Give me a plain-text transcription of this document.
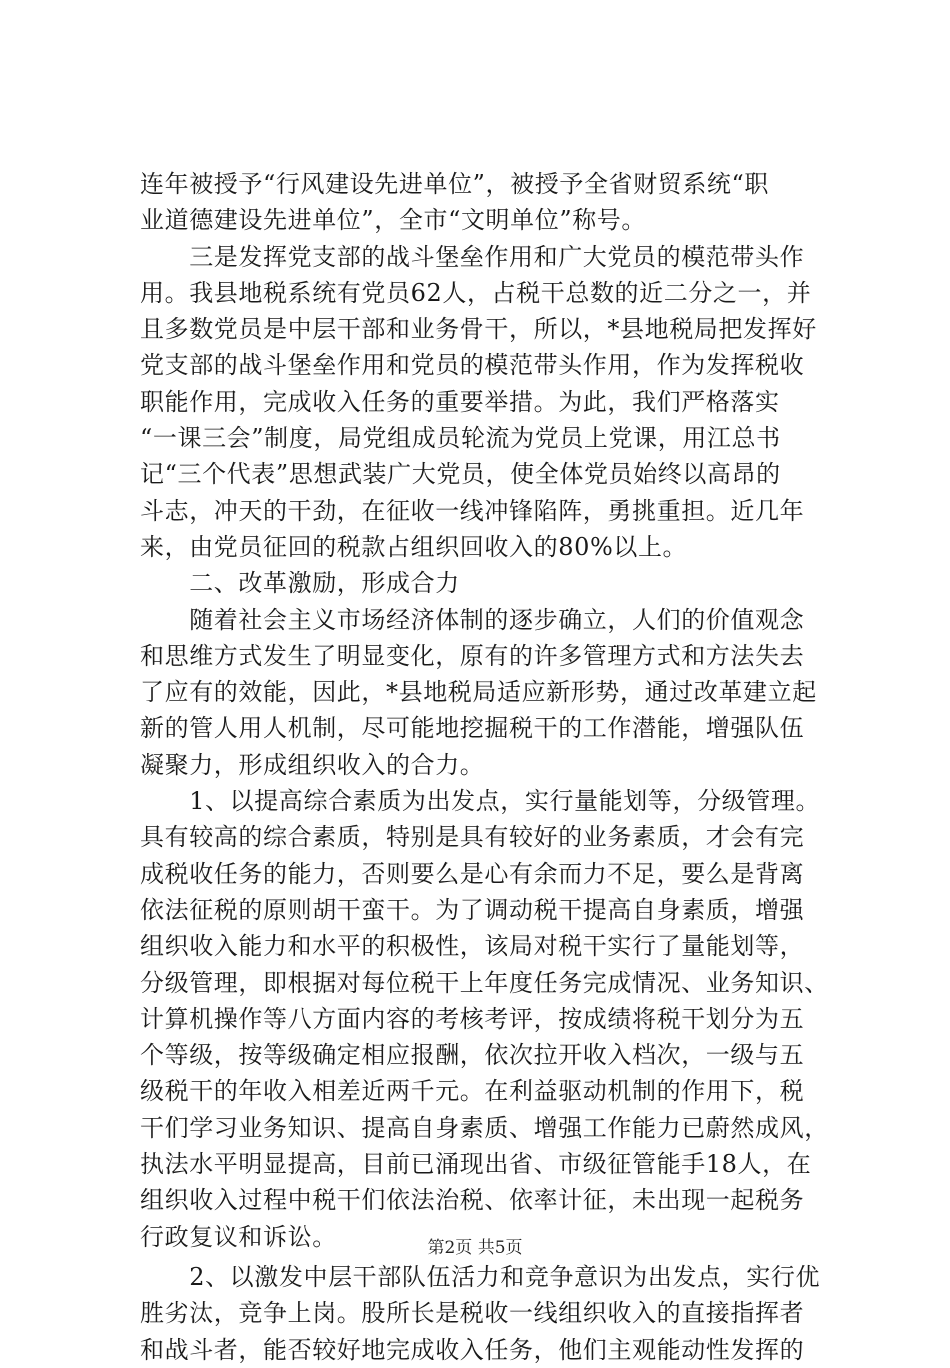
连年被授予“行风建设先进单位”，被授予全省财贸系统“职
业道德建设先进单位”，全市“文明单位”称号。
　　三是发挥党支部的战斗堡垒作用和广大党员的模范带头作
用。我县地税系统有党员62人，占税干总数的近二分之一，并
且多数党员是中层干部和业务骨干，所以，*县地税局把发挥好
党支部的战斗堡垒作用和党员的模范带头作用，作为发挥税收
职能作用，完成收入任务的重要举措。为此，我们严格落实
“一课三会”制度，局党组成员轮流为党员上党课，用江总书
记“三个代表”思想武装广大党员，使全体党员始终以高昂的
斗志，冲天的干劲，在征收一线冲锋陷阵，勇挑重担。近几年
来，由党员征回的税款占组织回收入的80%以上。
　　二、改革激励，形成合力
　　随着社会主义市场经济体制的逐步确立，人们的价值观念
和思维方式发生了明显变化，原有的许多管理方式和方法失去
了应有的效能，因此，*县地税局适应新形势，通过改革建立起
新的管人用人机制，尽可能地挖掘税干的工作潜能，增强队伍
凝聚力，形成组织收入的合力。
　　1、以提高综合素质为出发点，实行量能划等，分级管理。
具有较高的综合素质，特别是具有较好的业务素质，才会有完
成税收任务的能力，否则要么是心有余而力不足，要么是背离
依法征税的原则胡干蛮干。为了调动税干提高自身素质，增强
组织收入能力和水平的积极性，该局对税干实行了量能划等，
分级管理，即根据对每位税干上年度任务完成情况、业务知识、
计算机操作等八方面内容的考核考评，按成绩将税干划分为五
个等级，按等级确定相应报酬，依次拉开收入档次，一级与五
级税干的年收入相差近两千元。在利益驱动机制的作用下，税
干们学习业务知识、提高自身素质、增强工作能力已蔚然成风，
执法水平明显提高，目前已涌现出省、市级征管能手18人，在
组织收入过程中税干们依法治税、依率计征，未出现一起税务
行政复议和诉讼。
　　2、以激发中层干部队伍活力和竞争意识为出发点，实行优
胜劣汰，竞争上岗。股所长是税收一线组织收入的直接指挥者
和战斗者，能否较好地完成收入任务，他们主观能动性发挥的
第2页 共5页
